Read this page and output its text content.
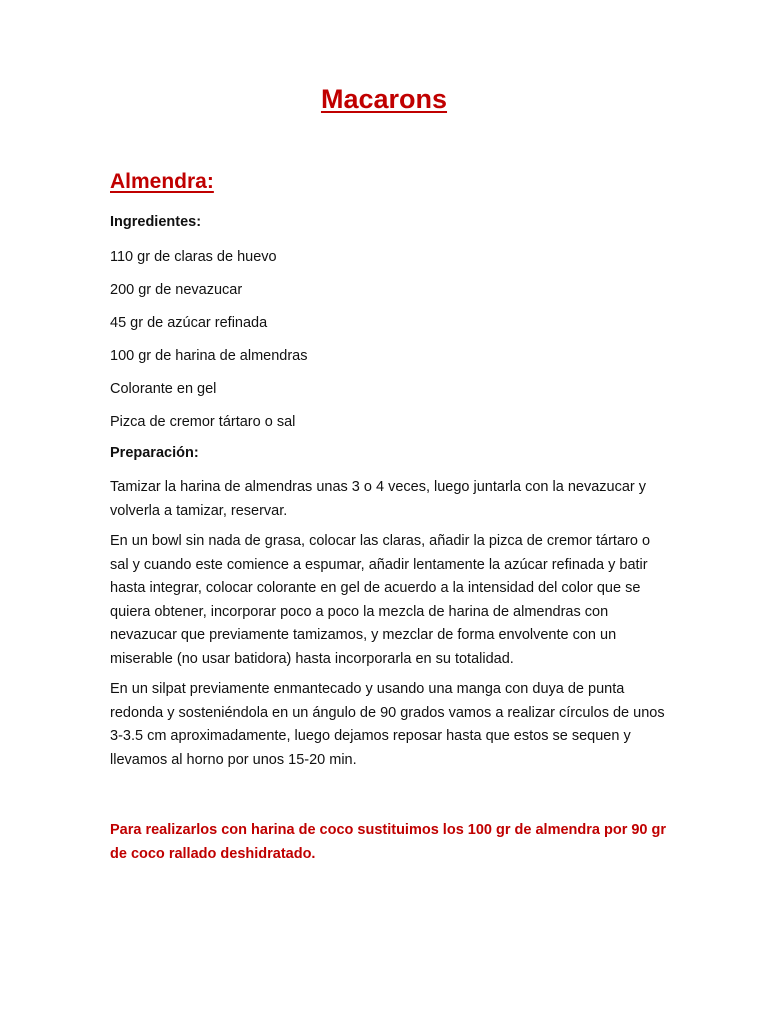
Macarons
Almendra:

Ingredientes:

110 gr de claras de huevo
200 gr de nevazucar
45 gr de azúcar refinada
100 gr de harina de almendras
Colorante en gel
Pizca de cremor tártaro o sal

Preparación:

Tamizar la harina de almendras unas 3 o 4 veces, luego juntarla con la nevazucar y volverla a tamizar, reservar.

En un bowl sin nada de grasa, colocar las claras, añadir la pizca de cremor tártaro o sal y cuando este comience a espumar, añadir lentamente la azúcar refinada y batir hasta integrar, colocar colorante en gel de acuerdo a la intensidad del color que se quiera obtener, incorporar poco a poco la mezcla de harina de almendras con nevazucar que previamente tamizamos, y mezclar de forma envolvente con un miserable (no usar batidora) hasta incorporarla en su totalidad.

En un silpat previamente enmantecado y usando una manga con duya de punta redonda y sosteniéndola en un ángulo de 90 grados vamos a realizar círculos de unos 3-3.5 cm aproximadamente, luego dejamos reposar hasta que estos se sequen y llevamos al horno por unos 15-20 min.

Para realizarlos con harina de coco sustituimos los 100 gr de almendra por 90 gr de coco rallado deshidratado.
